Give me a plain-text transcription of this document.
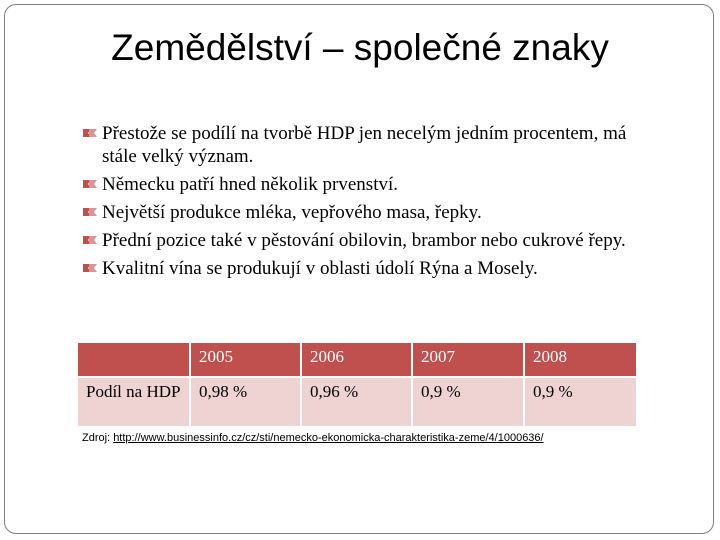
Zemědělství – společné znaky
Přestože se podílí na tvorbě HDP jen necelým jedním procentem, má stále velký význam.
Německu patří hned několik prvenství.
Největší produkce mléka, vepřového masa, řepky.
Přední pozice také v pěstování obilovin, brambor nebo cukrové řepy.
Kvalitní vína se produkují v oblasti údolí Rýna a Mosely.
	2005	2006	2007	2008
Podíl na HDP	0,98 %	0,96 %	0,9 %	0,9 %
Zdroj: http://www.businessinfo.cz/cz/sti/nemecko-ekonomicka-charakteristika-zeme/4/1000636/
